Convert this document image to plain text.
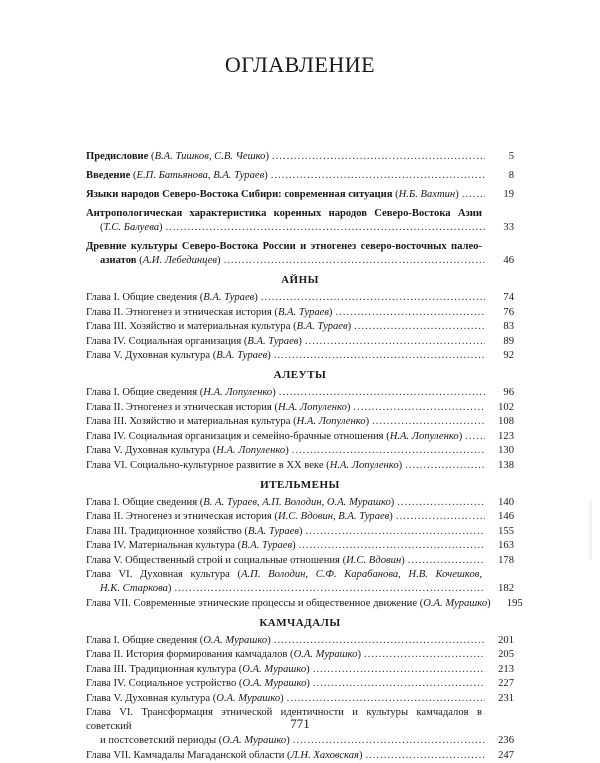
ОГЛАВЛЕНИЕ
Предисловие (В.А. Тишков, С.В. Чешко) .....	5
Введение (Е.П. Батьянова, В.А. Тураев) .....	8
Языки народов Северо-Востока Сибири: современная ситуация (Н.Б. Вахтин) .....	19
Антропологическая характеристика коренных народов Северо-Востока Азии
(Т.С. Балуева) .....	33
Древние культуры Северо-Востока России и этногенез северо-восточных палео-
азиатов (А.И. Лебединцев) .....	46
АЙНЫ
Глава I. Общие сведения (В.А. Тураев) .....	74
Глава II. Этногенез и этническая история (В.А. Тураев) .....	76
Глава III. Хозяйство и материальная культура (В.А. Тураев) .....	83
Глава IV. Социальная организация (В.А. Тураев) .....	89
Глава V. Духовная культура (В.А. Тураев) .....	92
АЛЕУТЫ
Глава I. Общие сведения (Н.А. Лопуленко) .....	96
Глава II. Этногенез и этническая история (Н.А. Лопуленко) .....	102
Глава III. Хозяйство и материальная культура (Н.А. Лопуленко) .....	108
Глава IV. Социальная организация и семейно-брачные отношения (Н.А. Лопуленко) .....	123
Глава V. Духовная культура (Н.А. Лопуленко) .....	130
Глава VI. Социально-культурное развитие в XX веке (Н.А. Лопуленко) .....	138
ИТЕЛЬМЕНЫ
Глава I. Общие сведения (В. А. Тураев, А.П. Володин, О.А. Мурашко) .....	140
Глава II. Этногенез и этническая история (И.С. Вдовин, В.А. Тураев) .....	146
Глава III. Традиционное хозяйство (В.А. Тураев) .....	155
Глава IV. Материальная культура (В.А. Тураев) .....	163
Глава V. Общественный строй и социальные отношения (И.С. Вдовин) .....	178
Глава VI. Духовная культура (А.П. Володин, С.Ф. Карабанова, Н.В. Кочешков,
Н.К. Старкова) .....	182
Глава VII. Современные этнические процессы и общественное движение (О.А. Мурашко)	195
КАМЧАДАЛЫ
Глава I. Общие сведения (О.А. Мурашко) .....	201
Глава II. История формирования камчадалов (О.А. Мурашко) .....	205
Глава III. Традиционная культура (О.А. Мурашко) .....	213
Глава IV. Социальное устройство (О.А. Мурашко) .....	227
Глава V. Духовная культура (О.А. Мурашко) .....	231
Глава VI. Трансформация этнической идентичности и культуры камчадалов в советский
и постсоветский периоды (О.А. Мурашко) .....	236
Глава VII. Камчадалы Магаданской области (Л.Н. Хаховская) .....	247
771
